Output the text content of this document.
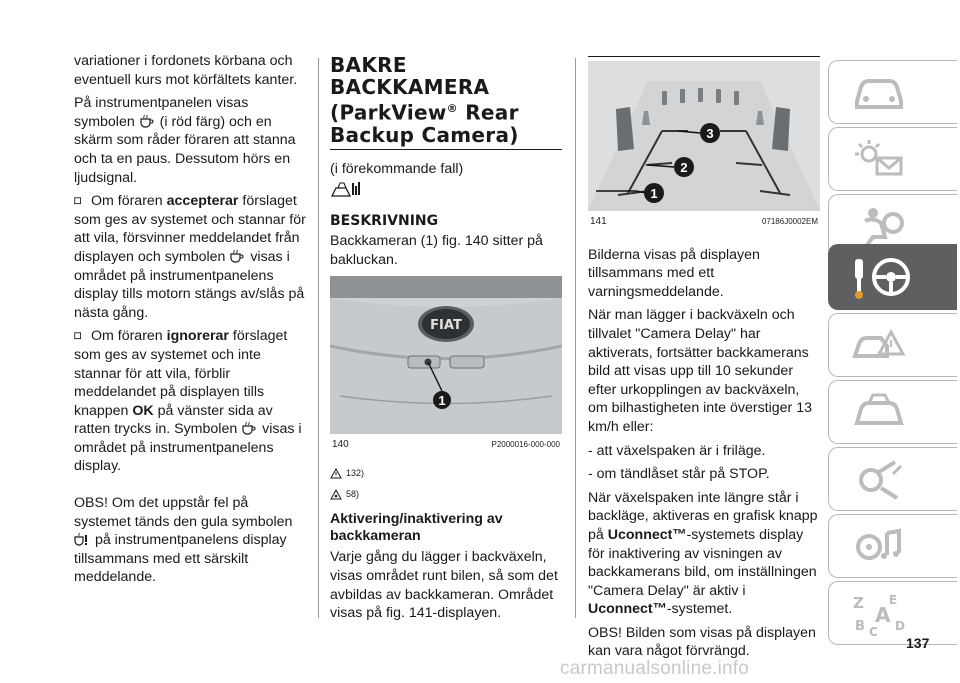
variationer i fordonets körbana och eventuell kurs mot körfältets kanter.

På instrumentpanelen visas symbolen (i röd färg) och en skärm som råder föraren att stanna och ta en paus. Dessutom hörs en ljudsignal.

Om föraren accepterar förslaget som ges av systemet och stannar för att vila, försvinner meddelandet från displayen och symbolen visas i området på instrumentpanelens display tills motorn stängs av/slås på nästa gång.

Om föraren ignorerar förslaget som ges av systemet och inte stannar för att vila, förblir meddelandet på displayen tills knappen OK på vänster sida av ratten trycks in. Symbolen visas i området på instrumentpanelens display.

OBS! Om det uppstår fel på systemet tänds den gula symbolen  på instrumentpanelens display tillsammans med ett särskilt meddelande.

BAKRE
BACKKAMERA
(ParkView® Rear
Backup Camera)
(i förekommande fall)
BESKRIVNING

Backkameran (1) fig. 140 sitter på bakluckan.

FIAT
1
140	P2000016-000-000
132)
58)
Aktivering/inaktivering av backkameran

Varje gång du lägger i backväxeln, visas området runt bilen, så som det avbildas av backkameran. Området visas på fig. 141-displayen.

1
2
3
141	07186J0002EM

Bilderna visas på displayen tillsammans med ett varningsmeddelande.

När man lägger i backväxeln och tillvalet "Camera Delay" har aktiverats, fortsätter backkamerans bild att visas upp till 10 sekunder efter urkopplingen av backväxeln, om bilhastigheten inte överstiger 13 km/h eller:

- att växelspaken är i friläge.

- om tändlåset står på STOP.

När växelspaken inte längre står i backläge, aktiveras en grafisk knapp på Uconnect™-systemets display för inaktivering av visningen av backkamerans bild, om inställningen "Camera Delay" är aktiv i Uconnect™-systemet.

OBS! Bilden som visas på displayen kan vara något förvrängd.

Z E
A
B C D
137
carmanualsonline.info
